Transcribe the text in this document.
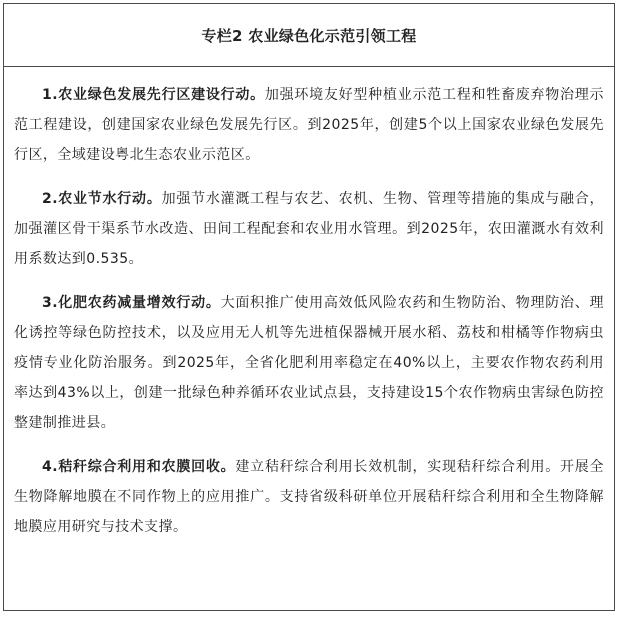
专栏2 农业绿色化示范引领工程

1.农业绿色发展先行区建设行动。加强环境友好型种植业示范工程和牲畜废弃物治理示范工程建设，创建国家农业绿色发展先行区。到2025年，创建5个以上国家农业绿色发展先行区，全域建设粤北生态农业示范区。

2.农业节水行动。加强节水灌溉工程与农艺、农机、生物、管理等措施的集成与融合，加强灌区骨干渠系节水改造、田间工程配套和农业用水管理。到2025年，农田灌溉水有效利用系数达到0.535。

3.化肥农药减量增效行动。大面积推广使用高效低风险农药和生物防治、物理防治、理化诱控等绿色防控技术，以及应用无人机等先进植保器械开展水稻、荔枝和柑橘等作物病虫疫情专业化防治服务。到2025年，全省化肥利用率稳定在40%以上，主要农作物农药利用率达到43%以上，创建一批绿色种养循环农业试点县，支持建设15个农作物病虫害绿色防控整建制推进县。

4.秸秆综合利用和农膜回收。建立秸秆综合利用长效机制，实现秸秆综合利用。开展全生物降解地膜在不同作物上的应用推广。支持省级科研单位开展秸秆综合利用和全生物降解地膜应用研究与技术支撑。
